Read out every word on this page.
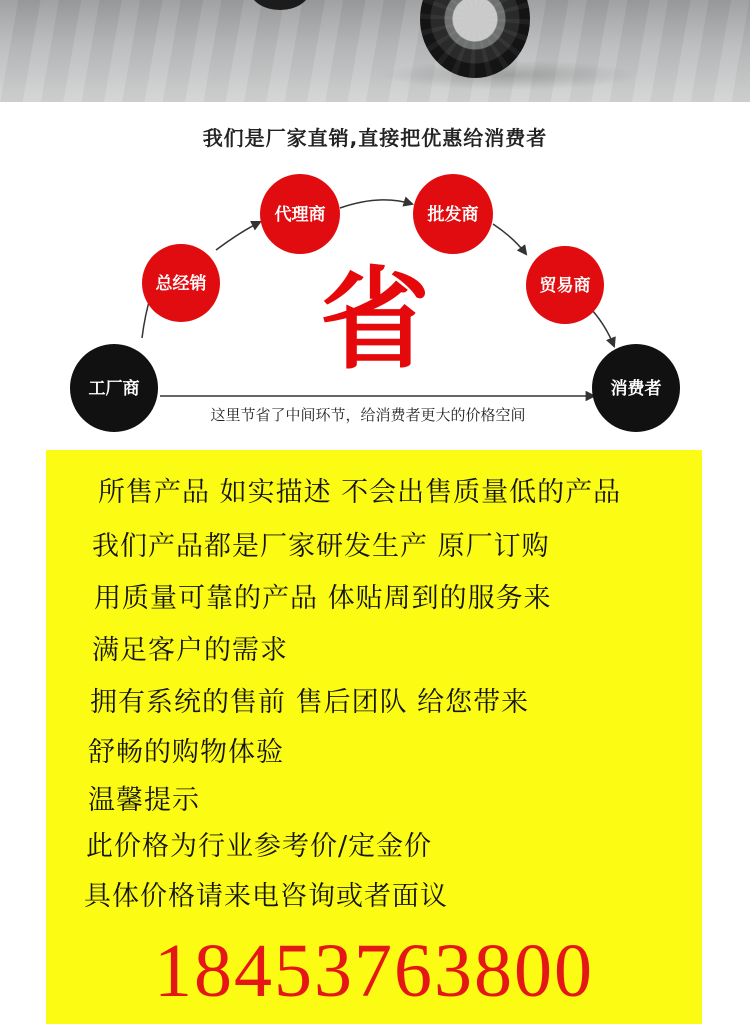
我们是厂家直销,直接把优惠给消费者
工厂商
总经销
代理商	批发商
贸易商
消费者
省
这里节省了中间环节，给消费者更大的价格空间
所售产品 如实描述 不会出售质量低的产品
我们产品都是厂家研发生产 原厂订购
用质量可靠的产品 体贴周到的服务来
满足客户的需求
拥有系统的售前 售后团队 给您带来
舒畅的购物体验
温馨提示
此价格为行业参考价/定金价
具体价格请来电咨询或者面议
18453763800
